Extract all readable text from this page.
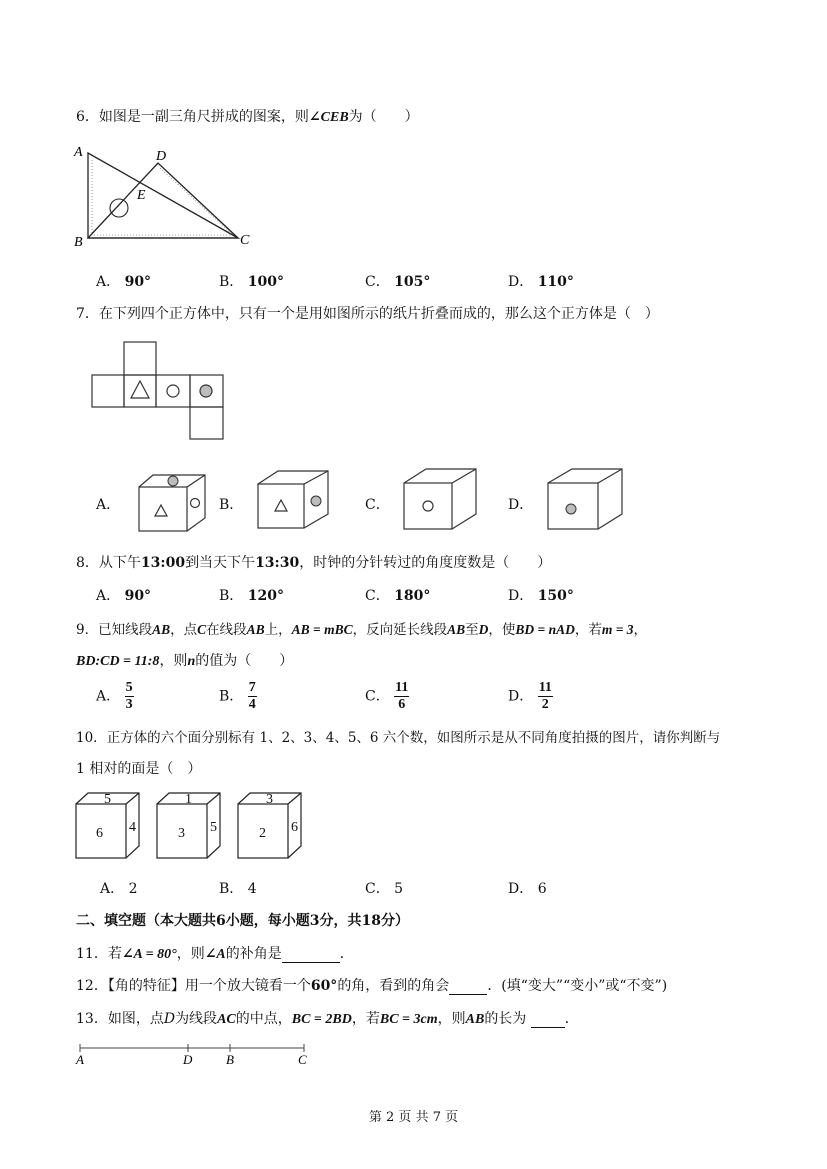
6．如图是一副三角尺拼成的图案，则∠CEB为（　　）
A
B	C
D
E
A． 90°	B． 100°	C． 105°	D． 110°
7．在下列四个正方体中，只有一个是用如图所示的纸片折叠而成的，那么这个正方体是（　）
A．	B．	C．	D．
8．从下午13:00到当天下午13:30，时钟的分针转过的角度度数是（　　）
A． 90°	B． 120°	C． 180°	D． 150°
9．已知线段AB，点C在线段AB上，AB = mBC，反向延长线段AB至D，使BD = nAD，若m = 3，
BD:CD = 11:8，则n的值为（　　）
A． $\frac{5}{3}$	B． $\frac{7}{4}$	C． $\frac{11}{6}$	D． $\frac{11}{2}$
10．正方体的六个面分别标有 1、2、3、4、5、6 六个数，如图所示是从不同角度拍摄的图片，请你判断与
1 相对的面是（　）
5
6 4
1
3 5
3
2 6
A． 2	B． 4	C． 5	D． 6
二、填空题（本大题共6小题，每小题3分，共18分）
11．若∠A = 80°，则∠A的补角是	．
12．【角的特征】用一个放大镜看一个60°的角，看到的角会	．(填“变大”“变小”或“不变”)
13．如图，点D为线段AC的中点，BC = 2BD，若BC = 3cm，则AB的长为	．
A	D	B	C
第 2 页 共 7 页
